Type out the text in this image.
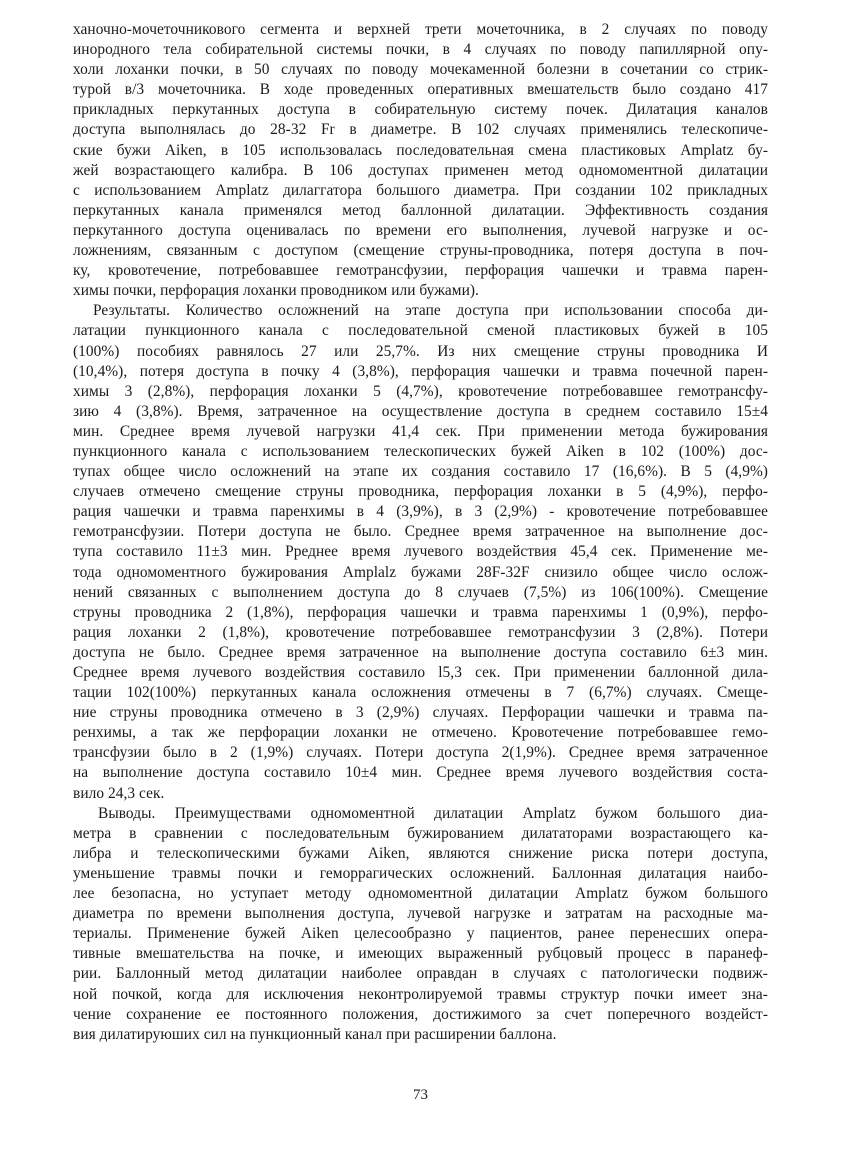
ханочно-мочеточникового сегмента и верхней трети мочеточника, в 2 случаях по поводу
инородного тела собирательной системы почки, в 4 случаях по поводу папиллярной опу-
холи лоханки почки, в 50 случаях по поводу мочекаменной болезни в сочетании со стрик-
турой в/3 мочеточника. В ходе проведенных оперативных вмешательств было создано 417
прикладных перкутанных доступа в собирательную систему почек. Дилатация каналов
доступа выполнялась до 28-32 Fr в диаметре. В 102 случаях применялись телескопиче-
ские бужи Aiken, в 105 использовалась последовательная смена пластиковых Amplatz бу-
жей возрастающего калибра. В 106 доступах применен метод одномоментной дилатации
с использованием Amplatz дилаггатора большого диаметра. При создании 102 прикладных
перкутанных канала применялся метод баллонной дилатации. Эффективность создания
перкутанного доступа оценивалась по времени его выполнения, лучевой нагрузке и ос-
ложнениям, связанным с доступом (смещение струны-проводника, потеря доступа в поч-
ку, кровотечение, потребовавшее гемотрансфузии, перфорация чашечки и травма парен-
химы почки, перфорация лоханки проводником или бужами).

Результаты. Количество осложнений на этапе доступа при использовании способа ди-
латации пункционного канала с последовательной сменой пластиковых бужей в 105
(100%) пособиях равнялось 27 или 25,7%. Из них смещение струны проводника И
(10,4%), потеря доступа в почку 4 (3,8%), перфорация чашечки и травма почечной парен-
химы 3 (2,8%), перфорация лоханки 5 (4,7%), кровотечение потребовавшее гемотрансфу-
зию 4 (3,8%). Время, затраченное на осуществление доступа в среднем составило 15±4
мин. Среднее время лучевой нагрузки 41,4 сек. При применении метода бужирования
пункционного канала с использованием телескопических бужей Aiken в 102 (100%) дос-
тупах общее число осложнений на этапе их создания составило 17 (16,6%). В 5 (4,9%)
случаев отмечено смещение струны проводника, перфорация лоханки в 5 (4,9%), перфо-
рация чашечки и травма паренхимы в 4 (3,9%), в 3 (2,9%) - кровотечение потребовавшее
гемотрансфузии. Потери доступа не было. Среднее время затраченное на выполнение дос-
тупа составило 11±3 мин. Рреднее время лучевого воздействия 45,4 сек. Применение ме-
тода одномоментного бужирования Amplalz бужами 28F-32F снизило общее число ослож-
нений связанных с выполнением доступа до 8 случаев (7,5%) из 106(100%). Смещение
струны проводника 2 (1,8%), перфорация чашечки и травма паренхимы 1 (0,9%), перфо-
рация лоханки 2 (1,8%), кровотечение потребовавшее гемотрансфузии 3 (2,8%). Потери
доступа не было. Среднее время затраченное на выполнение доступа составило 6±3 мин.
Среднее время лучевого воздействия составило l5,3 сек. При применении баллонной дила-
тации 102(100%) перкутанных канала осложнения отмечены в 7 (6,7%) случаях. Смеще-
ние струны проводника отмечено в 3 (2,9%) случаях. Перфорации чашечки и травма па-
ренхимы, а так же перфорации лоханки не отмечено. Кровотечение потребовавшее гемо-
трансфузии было в 2 (1,9%) случаях. Потери доступа 2(1,9%). Среднее время затраченное
на выполнение доступа составило 10±4 мин. Среднее время лучевого воздействия соста-
вило 24,3 сек.

Выводы. Преимуществами одномоментной дилатации Amplatz бужом большого диа-
метра в сравнении с последовательным бужированием дилататорами возрастающего ка-
либра и телескопическими бужами Aiken, являются снижение риска потери доступа,
уменьшение травмы почки и геморрагических осложнений. Баллонная дилатация наибо-
лее безопасна, но уступает методу одномоментной дилатации Amplatz бужом большого
диаметра по времени выполнения доступа, лучевой нагрузке и затратам на расходные ма-
териалы. Применение бужей Aiken целесообразно у пациентов, ранее перенесших опера-
тивные вмешательства на почке, и имеющих выраженный рубцовый процесс в паранеф-
рии. Баллонный метод дилатации наиболее оправдан в случаях с патологически подвиж-
ной почкой, когда для исключения неконтролируемой травмы структур почки имеет зна-
чение сохранение ее постоянного положения, достижимого за счет поперечного воздейст-
вия дилатируюших сил на пункционный канал при расширении баллона.

73
